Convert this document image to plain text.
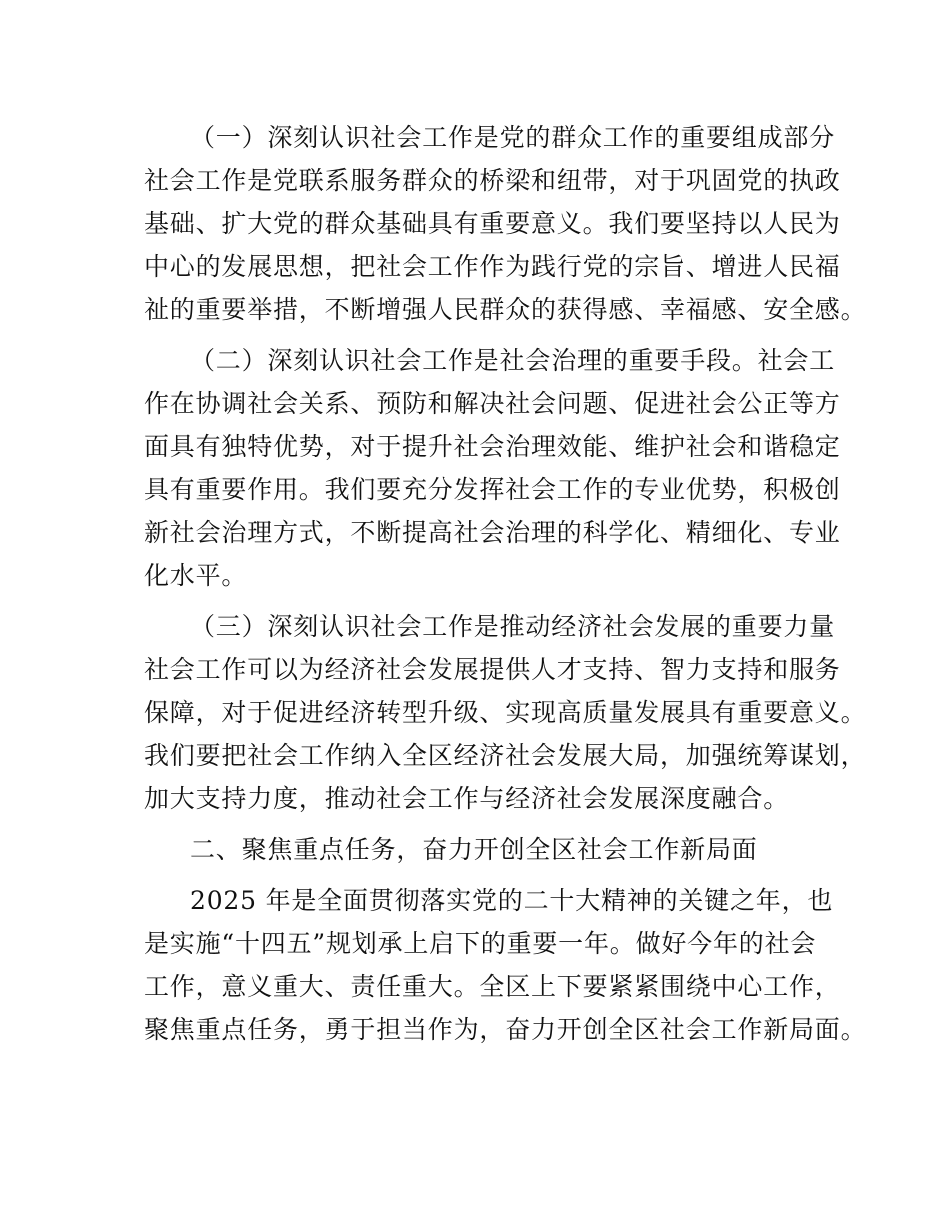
（一）深刻认识社会工作是党的群众工作的重要组成部分
社会工作是党联系服务群众的桥梁和纽带，对于巩固党的执政
基础、扩大党的群众基础具有重要意义。我们要坚持以人民为
中心的发展思想，把社会工作作为践行党的宗旨、增进人民福
祉的重要举措，不断增强人民群众的获得感、幸福感、安全感。

（二）深刻认识社会工作是社会治理的重要手段。社会工
作在协调社会关系、预防和解决社会问题、促进社会公正等方
面具有独特优势，对于提升社会治理效能、维护社会和谐稳定
具有重要作用。我们要充分发挥社会工作的专业优势，积极创
新社会治理方式，不断提高社会治理的科学化、精细化、专业
化水平。

（三）深刻认识社会工作是推动经济社会发展的重要力量
社会工作可以为经济社会发展提供人才支持、智力支持和服务
保障，对于促进经济转型升级、实现高质量发展具有重要意义。
我们要把社会工作纳入全区经济社会发展大局，加强统筹谋划，
加大支持力度，推动社会工作与经济社会发展深度融合。

二、聚焦重点任务，奋力开创全区社会工作新局面

2025 年是全面贯彻落实党的二十大精神的关键之年，也
是实施“十四五”规划承上启下的重要一年。做好今年的社会
工作，意义重大、责任重大。全区上下要紧紧围绕中心工作，
聚焦重点任务，勇于担当作为，奋力开创全区社会工作新局面。
